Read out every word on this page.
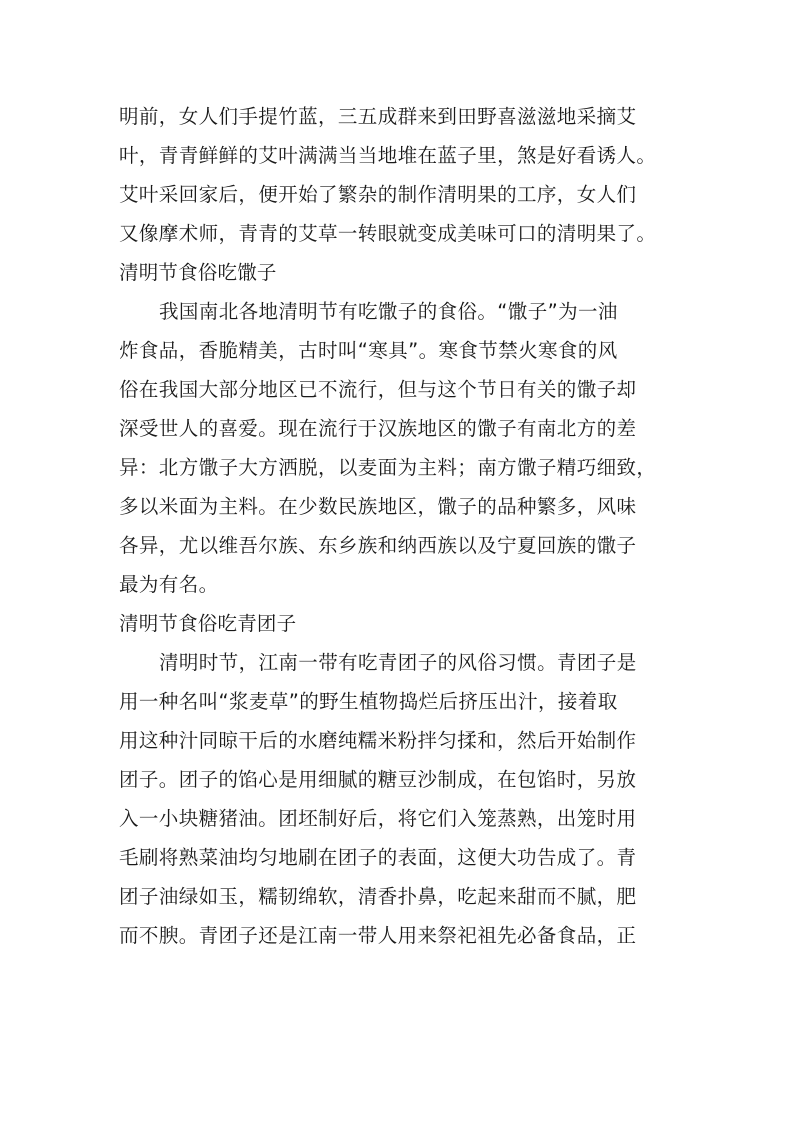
明前，女人们手提竹蓝，三五成群来到田野喜滋滋地采摘艾
叶，青青鲜鲜的艾叶满满当当地堆在蓝子里，煞是好看诱人。
艾叶采回家后，便开始了繁杂的制作清明果的工序，女人们
又像摩术师，青青的艾草一转眼就变成美味可口的清明果了。
清明节食俗吃馓子
我国南北各地清明节有吃馓子的食俗。“馓子”为一油
炸食品，香脆精美，古时叫“寒具”。寒食节禁火寒食的风
俗在我国大部分地区已不流行，但与这个节日有关的馓子却
深受世人的喜爱。现在流行于汉族地区的馓子有南北方的差
异：北方馓子大方洒脱，以麦面为主料；南方馓子精巧细致，
多以米面为主料。在少数民族地区，馓子的品种繁多，风味
各异，尤以维吾尔族、东乡族和纳西族以及宁夏回族的馓子
最为有名。
清明节食俗吃青团子
清明时节，江南一带有吃青团子的风俗习惯。青团子是
用一种名叫“浆麦草”的野生植物捣烂后挤压出汁，接着取
用这种汁同晾干后的水磨纯糯米粉拌匀揉和，然后开始制作
团子。团子的馅心是用细腻的糖豆沙制成，在包馅时，另放
入一小块糖猪油。团坯制好后，将它们入笼蒸熟，出笼时用
毛刷将熟菜油均匀地刷在团子的表面，这便大功告成了。青
团子油绿如玉，糯韧绵软，清香扑鼻，吃起来甜而不腻，肥
而不腴。青团子还是江南一带人用来祭祀祖先必备食品，正
